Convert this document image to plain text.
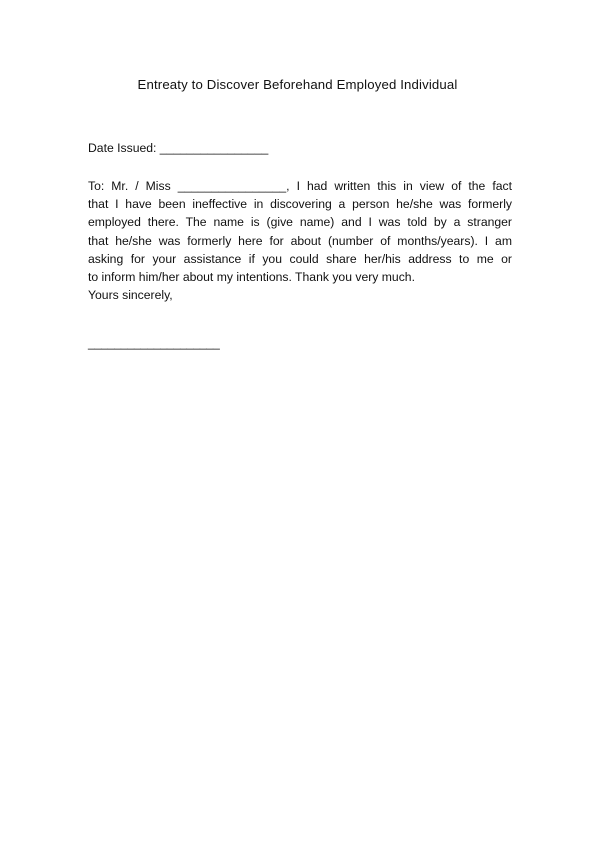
Entreaty to Discover Beforehand Employed Individual
Date Issued: ________________
To: Mr. / Miss ________________, I had written this in view of the fact
that I have been ineffective in discovering a person he/she was formerly
employed there. The name is (give name) and I was told by a stranger
that he/she was formerly here for about (number of months/years). I am
asking for your assistance if you could share her/his address to me or
to inform him/her about my intentions. Thank you very much.
Yours sincerely,
____________________
